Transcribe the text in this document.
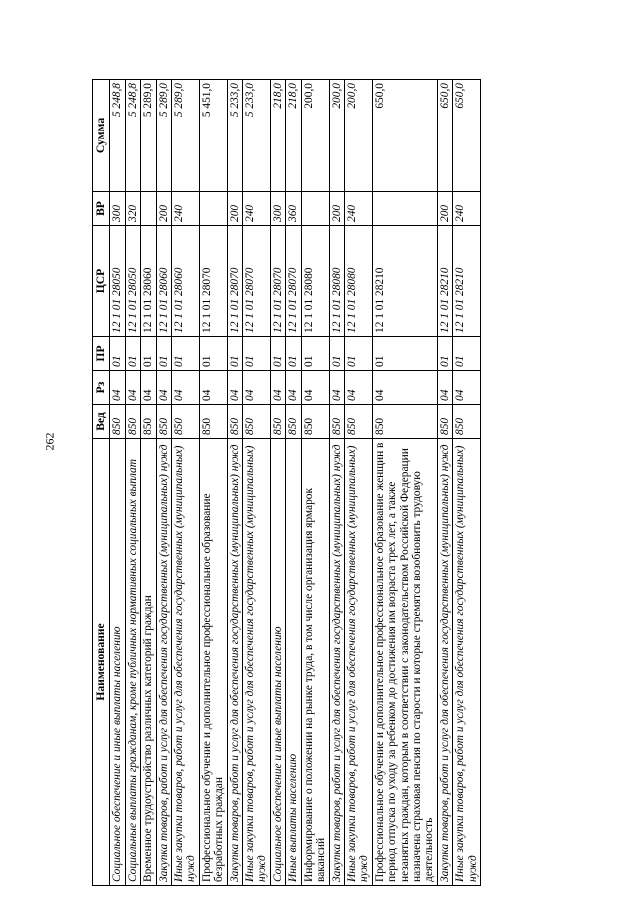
262
Наименование	Вед	Рз	ПР	ЦСР	ВР	Сумма
Социальное обеспечение и иные выплаты населению	850	04	01	12 1 01 28050	300	5 248,8
Социальные выплаты гражданам, кроме публичных нормативных социальных выплат	850	04	01	12 1 01 28050	320	5 248,8
Временное трудоустройство различных категорий граждан	850	04	01	12 1 01 28060		5 289,0
Закупка товаров, работ и услуг для обеспечения государственных (муниципальных) нужд	850	04	01	12 1 01 28060	200	5 289,0
Иные закупки товаров, работ и услуг для обеспечения государственных (муниципальных) нужд	850	04	01	12 1 01 28060	240	5 289,0
Профессиональное обучение и дополнительное профессиональное образование безработных граждан	850	04	01	12 1 01 28070		5 451,0
Закупка товаров, работ и услуг для обеспечения государственных (муниципальных) нужд	850	04	01	12 1 01 28070	200	5 233,0
Иные закупки товаров, работ и услуг для обеспечения государственных (муниципальных) нужд	850	04	01	12 1 01 28070	240	5 233,0
Социальное обеспечение и иные выплаты населению	850	04	01	12 1 01 28070	300	218,0
Иные выплаты населению	850	04	01	12 1 01 28070	360	218,0
Информирование о положении на рынке труда, в том числе организация ярмарок вакансий	850	04	01	12 1 01 28080		200,0
Закупка товаров, работ и услуг для обеспечения государственных (муниципальных) нужд	850	04	01	12 1 01 28080	200	200,0
Иные закупки товаров, работ и услуг для обеспечения государственных (муниципальных) нужд	850	04	01	12 1 01 28080	240	200,0
Профессиональное обучение и дополнительное профессиональное образование женщин в период отпуска по уходу за ребенком до достижения им возраста трех лет, а также незанятых граждан, которым в соответствии с законодательством Российской Федерации назначена страховая пенсия по старости и которые стремятся возобновить трудовую деятельность	850	04	01	12 1 01 28210		650,0
Закупка товаров, работ и услуг для обеспечения государственных (муниципальных) нужд	850	04	01	12 1 01 28210	200	650,0
Иные закупки товаров, работ и услуг для обеспечения государственных (муниципальных) нужд	850	04	01	12 1 01 28210	240	650,0
